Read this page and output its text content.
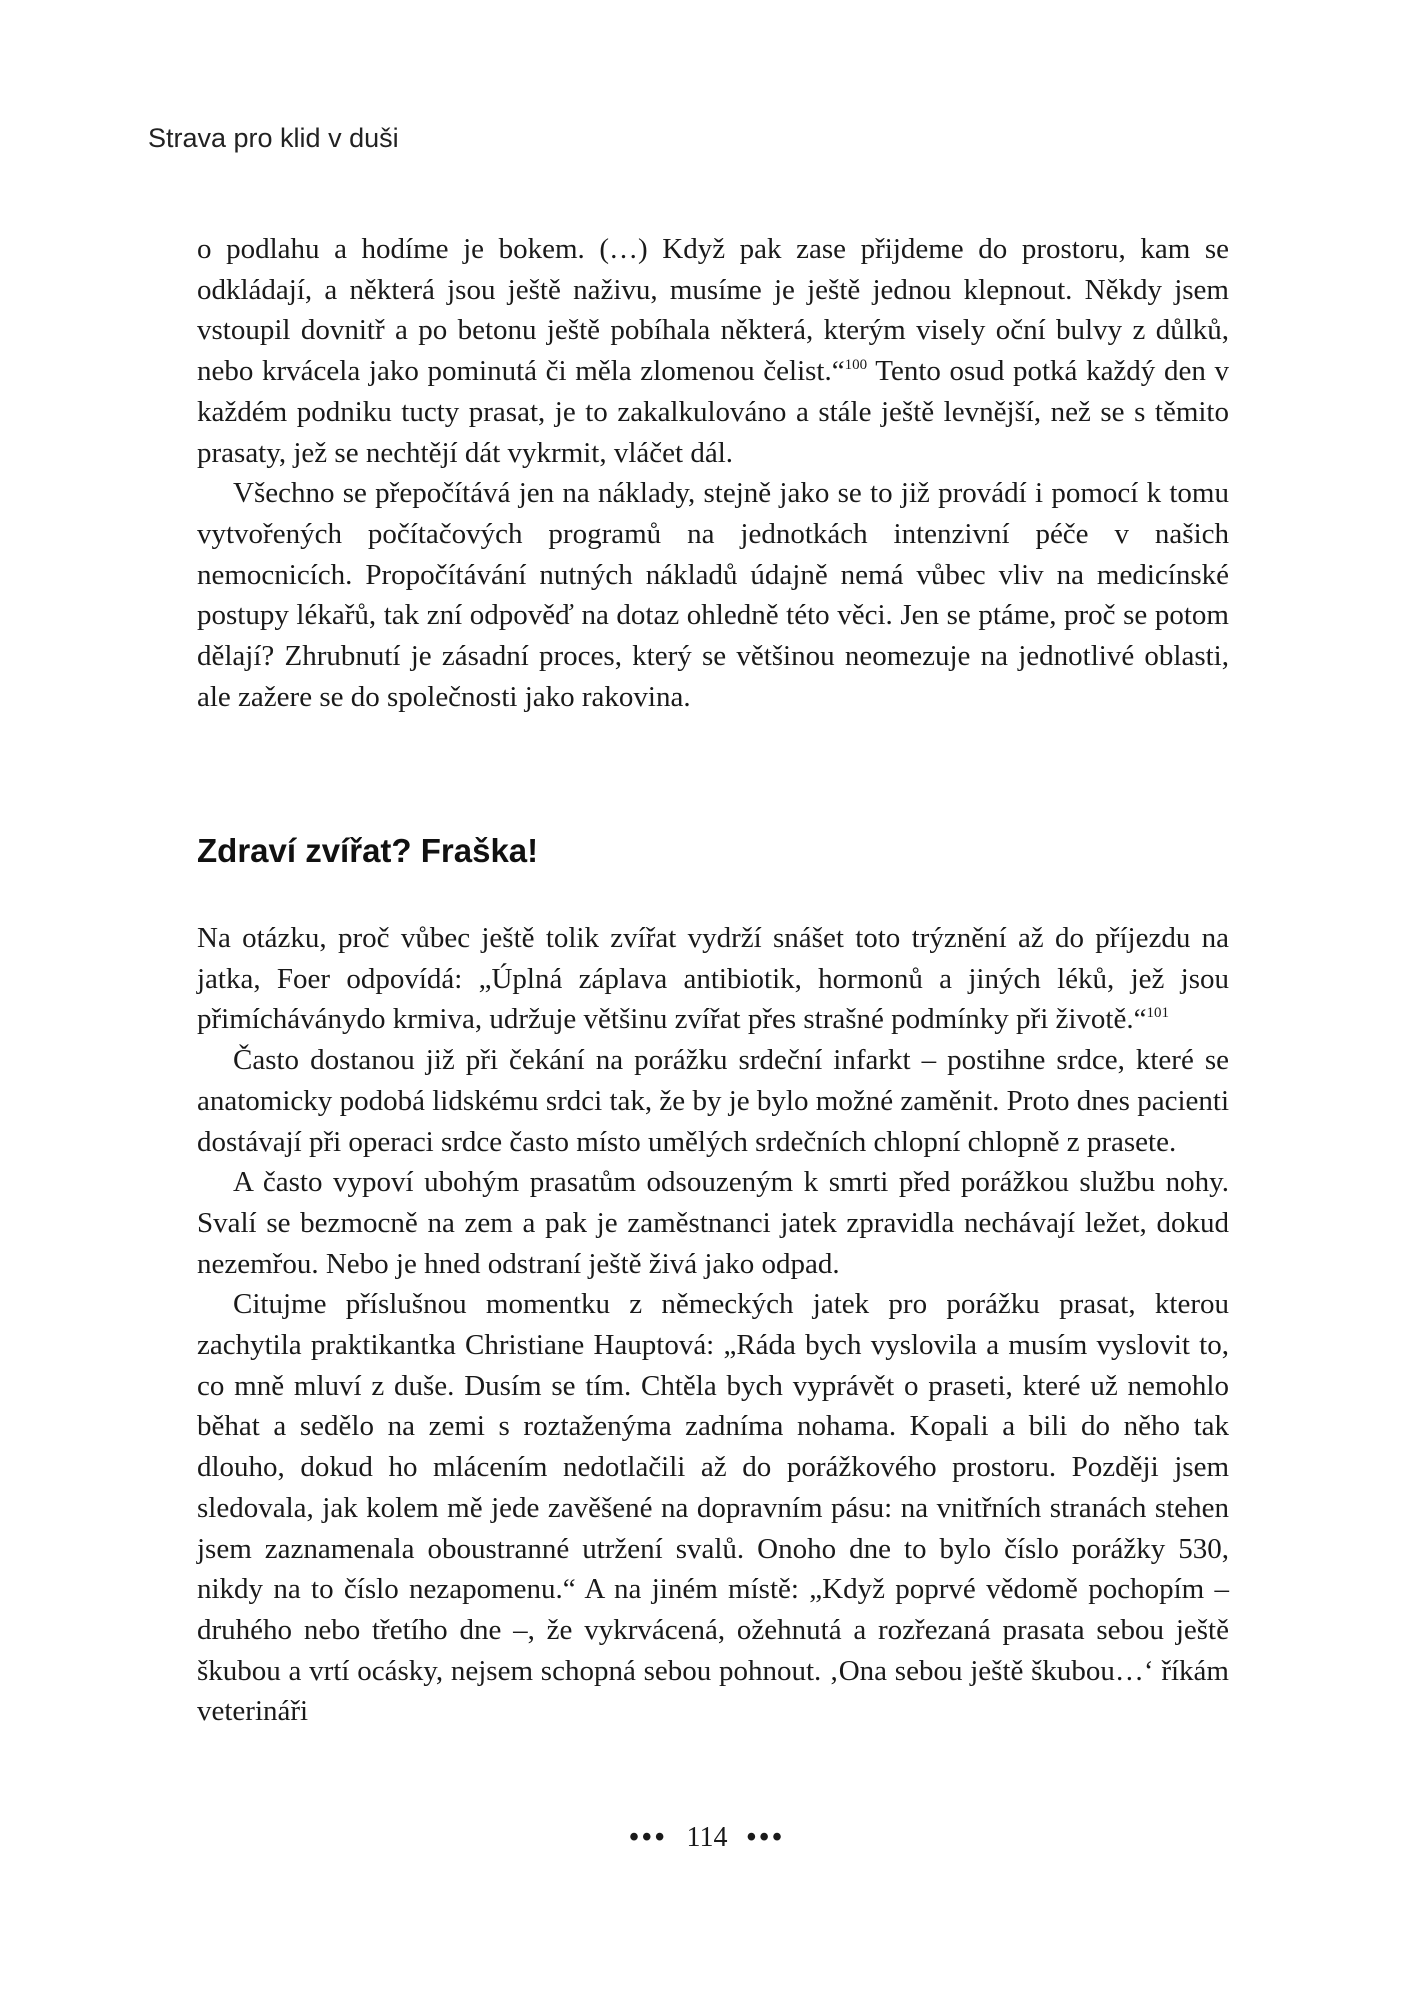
Strava pro klid v duši

o podlahu a hodíme je bokem. (…) Když pak zase přijdeme do prostoru, kam se odkládají, a některá jsou ještě naživu, musíme je ještě jednou klepnout. Někdy jsem vstoupil dovnitř a po betonu ještě pobíhala některá, kterým visely oční bulvy z důlků, nebo krvácela jako pominutá či měla zlomenou čelist.“$^{100}$ Tento osud potká každý den v každém podniku tucty prasat, je to zakalkulováno a stále ještě levnější, než se s těmito prasaty, jež se nechtějí dát vykrmit, vláčet dál.

Všechno se přepočítává jen na náklady, stejně jako se to již provádí i pomocí k tomu vytvořených počítačových programů na jednotkách intenzivní péče v našich nemocnicích. Propočítávání nutných nákladů údajně nemá vůbec vliv na medicínské postupy lékařů, tak zní odpověď na dotaz ohledně této věci. Jen se ptáme, proč se potom dělají? Zhrubnutí je zásadní proces, který se většinou neomezuje na jednotlivé oblasti, ale zažere se do společnosti jako rakovina.

Zdraví zvířat? Fraška!

Na otázku, proč vůbec ještě tolik zvířat vydrží snášet toto trýznění až do příjezdu na jatka, Foer odpovídá: „Úplná záplava antibiotik, hormonů a jiných léků, jež jsou přimícháványdo krmiva, udržuje většinu zvířat přes strašné podmínky při životě.“$^{101}$

Často dostanou již při čekání na porážku srdeční infarkt – postihne srdce, které se anatomicky podobá lidskému srdci tak, že by je bylo možné zaměnit. Proto dnes pacienti dostávají při operaci srdce často místo umělých srdečních chlopní chlopně z prasete.

A často vypoví ubohým prasatům odsouzeným k smrti před porážkou službu nohy. Svalí se bezmocně na zem a pak je zaměstnanci jatek zpravidla nechávají ležet, dokud nezemřou. Nebo je hned odstraní ještě živá jako odpad.

Citujme příslušnou momentku z německých jatek pro porážku prasat, kterou zachytila praktikantka Christiane Hauptová: „Ráda bych vyslovila a musím vyslovit to, co mně mluví z duše. Dusím se tím. Chtěla bych vyprávět o praseti, které už nemohlo běhat a sedělo na zemi s roztaženýma zadníma nohama. Kopali a bili do něho tak dlouho, dokud ho mlácením nedotlačili až do porážkového prostoru. Později jsem sledovala, jak kolem mě jede zavěšené na dopravním pásu: na vnitřních stranách stehen jsem zaznamenala oboustranné utržení svalů. Onoho dne to bylo číslo porážky 530, nikdy na to číslo nezapomenu.“ A na jiném místě: „Když poprvé vědomě pochopím – druhého nebo třetího dne –, že vykrvácená, ožehnutá a rozřezaná prasata sebou ještě škubou a vrtí ocásky, nejsem schopná sebou pohnout. ‚Ona sebou ještě škubou…‘ říkám veterináři

••• 114 •••
